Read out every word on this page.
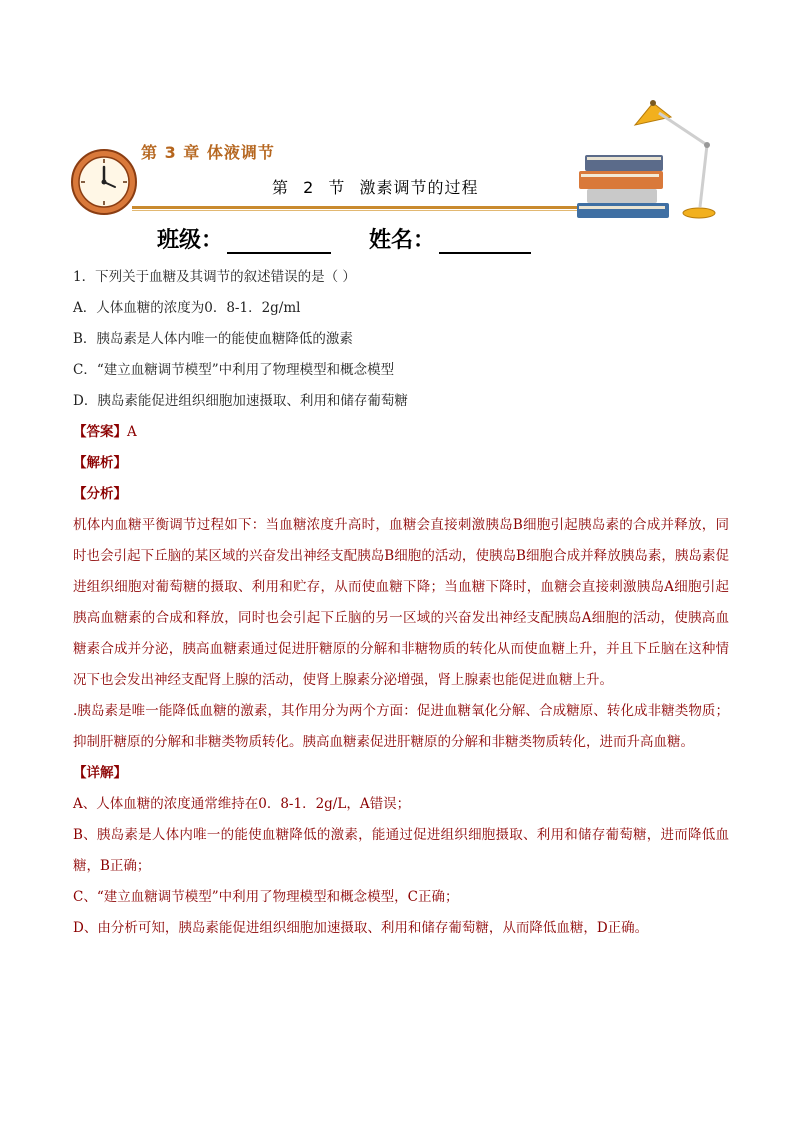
第 3 章 体液调节
第 2 节 激素调节的过程
班级：	姓名：
1．下列关于血糖及其调节的叙述错误的是（ ）
A．人体血糖的浓度为0．8-1．2g/ml
B．胰岛素是人体内唯一的能使血糖降低的激素
C．“建立血糖调节模型”中利用了物理模型和概念模型
D．胰岛素能促进组织细胞加速摄取、利用和储存葡萄糖
【答案】A
【解析】
【分析】
机体内血糖平衡调节过程如下：当血糖浓度升高时，血糖会直接刺激胰岛B细胞引起胰岛素的合成并释放，同时也会引起下丘脑的某区域的兴奋发出神经支配胰岛B细胞的活动，使胰岛B细胞合成并释放胰岛素，胰岛素促进组织细胞对葡萄糖的摄取、利用和贮存，从而使血糖下降；当血糖下降时，血糖会直接刺激胰岛A细胞引起胰高血糖素的合成和释放，同时也会引起下丘脑的另一区域的兴奋发出神经支配胰岛A细胞的活动，使胰高血糖素合成并分泌，胰高血糖素通过促进肝糖原的分解和非糖物质的转化从而使血糖上升，并且下丘脑在这种情况下也会发出神经支配肾上腺的活动，使肾上腺素分泌增强，肾上腺素也能促进血糖上升。
.胰岛素是唯一能降低血糖的激素，其作用分为两个方面：促进血糖氧化分解、合成糖原、转化成非糖类物质；抑制肝糖原的分解和非糖类物质转化。胰高血糖素促进肝糖原的分解和非糖类物质转化，进而升高血糖。
【详解】
A、人体血糖的浓度通常维持在0．8-1．2g/L，A错误；
B、胰岛素是人体内唯一的能使血糖降低的激素，能通过促进组织细胞摄取、利用和储存葡萄糖，进而降低血糖，B正确；
C、“建立血糖调节模型”中利用了物理模型和概念模型，C正确；
D、由分析可知，胰岛素能促进组织细胞加速摄取、利用和储存葡萄糖，从而降低血糖，D正确。
